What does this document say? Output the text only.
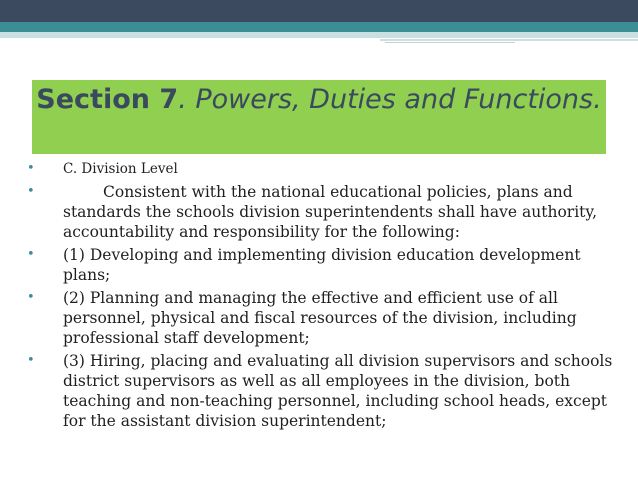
Section 7. Powers, Duties and Functions.
•	C. Division Level
•	Consistent with the national educational policies, plans and standards the schools division superintendents shall have authority, accountability and responsibility for the following:
• (1) Developing and implementing division education development plans;
• (2) Planning and managing the effective and efficient use of all personnel, physical and fiscal resources of the division, including professional staff development;
• (3) Hiring, placing and evaluating all division supervisors and schools district supervisors as well as all employees in the division, both teaching and non-teaching personnel, including school heads, except for the assistant division superintendent;
